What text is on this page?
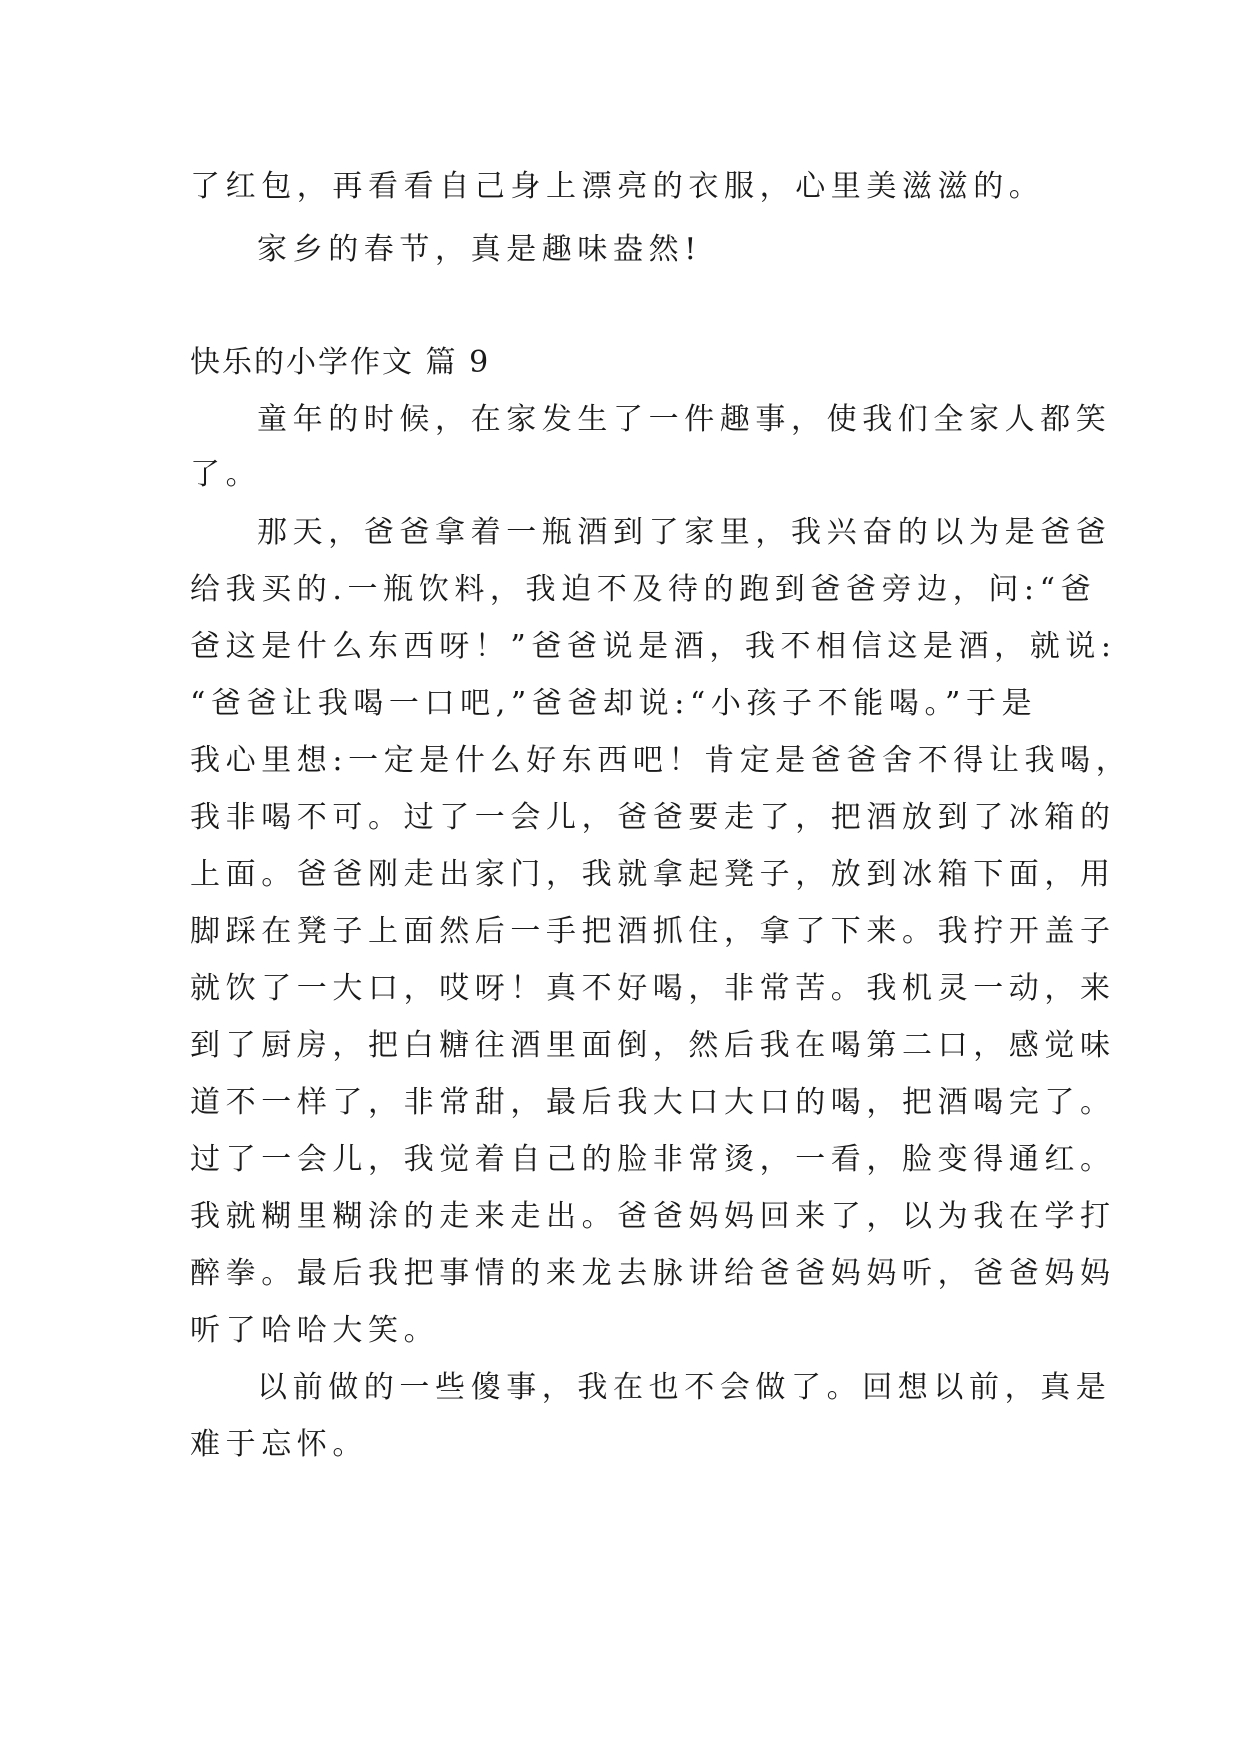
了红包，再看看自己身上漂亮的衣服，心里美滋滋的。

家乡的春节，真是趣味盎然!

快乐的小学作文 篇 9

童年的时候，在家发生了一件趣事，使我们全家人都笑

了。

那天，爸爸拿着一瓶酒到了家里，我兴奋的以为是爸爸

给我买的.一瓶饮料，我迫不及待的跑到爸爸旁边，问:“爸

爸这是什么东西呀！”爸爸说是酒，我不相信这是酒，就说:

“爸爸让我喝一口吧,”爸爸却说:“小孩子不能喝。”于是

我心里想:一定是什么好东西吧！肯定是爸爸舍不得让我喝，

我非喝不可。过了一会儿，爸爸要走了，把酒放到了冰箱的

上面。爸爸刚走出家门，我就拿起凳子，放到冰箱下面，用

脚踩在凳子上面然后一手把酒抓住，拿了下来。我拧开盖子

就饮了一大口，哎呀！真不好喝，非常苦。我机灵一动，来

到了厨房，把白糖往酒里面倒，然后我在喝第二口，感觉味

道不一样了，非常甜，最后我大口大口的喝，把酒喝完了。

过了一会儿，我觉着自己的脸非常烫，一看，脸变得通红。

我就糊里糊涂的走来走出。爸爸妈妈回来了，以为我在学打

醉拳。最后我把事情的来龙去脉讲给爸爸妈妈听，爸爸妈妈

听了哈哈大笑。

以前做的一些傻事，我在也不会做了。回想以前，真是

难于忘怀。
